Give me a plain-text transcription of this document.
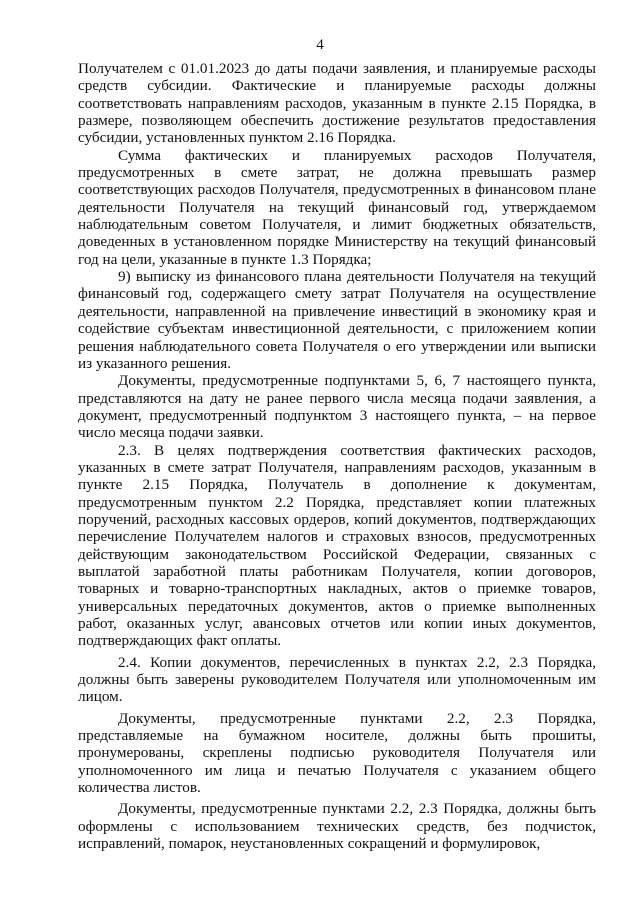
4

Получателем с 01.01.2023 до даты подачи заявления, и планируемые расходы средств субсидии. Фактические и планируемые расходы должны соответствовать направлениям расходов, указанным в пункте 2.15 Порядка, в размере, позволяющем обеспечить достижение результатов предоставления субсидии, установленных пунктом 2.16 Порядка.

Сумма фактических и планируемых расходов Получателя, предусмотренных в смете затрат, не должна превышать размер соответствующих расходов Получателя, предусмотренных в финансовом плане деятельности Получателя на текущий финансовый год, утверждаемом наблюдательным советом Получателя, и лимит бюджетных обязательств, доведенных в установленном порядке Министерству на текущий финансовый год на цели, указанные в пункте 1.3 Порядка;

9) выписку из финансового плана деятельности Получателя на текущий финансовый год, содержащего смету затрат Получателя на осуществление деятельности, направленной на привлечение инвестиций в экономику края и содействие субъектам инвестиционной деятельности, с приложением копии решения наблюдательного совета Получателя о его утверждении или выписки из указанного решения.

Документы, предусмотренные подпунктами 5, 6, 7 настоящего пункта, представляются на дату не ранее первого числа месяца подачи заявления, а документ, предусмотренный подпунктом 3 настоящего пункта, – на первое число месяца подачи заявки.

2.3. В целях подтверждения соответствия фактических расходов, указанных в смете затрат Получателя, направлениям расходов, указанным в пункте 2.15 Порядка, Получатель в дополнение к документам, предусмотренным пунктом 2.2 Порядка, представляет копии платежных поручений, расходных кассовых ордеров, копий документов, подтверждающих перечисление Получателем налогов и страховых взносов, предусмотренных действующим законодательством Российской Федерации, связанных с выплатой заработной платы работникам Получателя, копии договоров, товарных и товарно-транспортных накладных, актов о приемке товаров, универсальных передаточных документов, актов о приемке выполненных работ, оказанных услуг, авансовых отчетов или копии иных документов, подтверждающих факт оплаты.

2.4. Копии документов, перечисленных в пунктах 2.2, 2.3 Порядка, должны быть заверены руководителем Получателя или уполномоченным им лицом.

Документы, предусмотренные пунктами 2.2, 2.3 Порядка, представляемые на бумажном носителе, должны быть прошиты, пронумерованы, скреплены подписью руководителя Получателя или уполномоченного им лица и печатью Получателя с указанием общего количества листов.

Документы, предусмотренные пунктами 2.2, 2.3 Порядка, должны быть оформлены с использованием технических средств, без подчисток, исправлений, помарок, неустановленных сокращений и формулировок,
